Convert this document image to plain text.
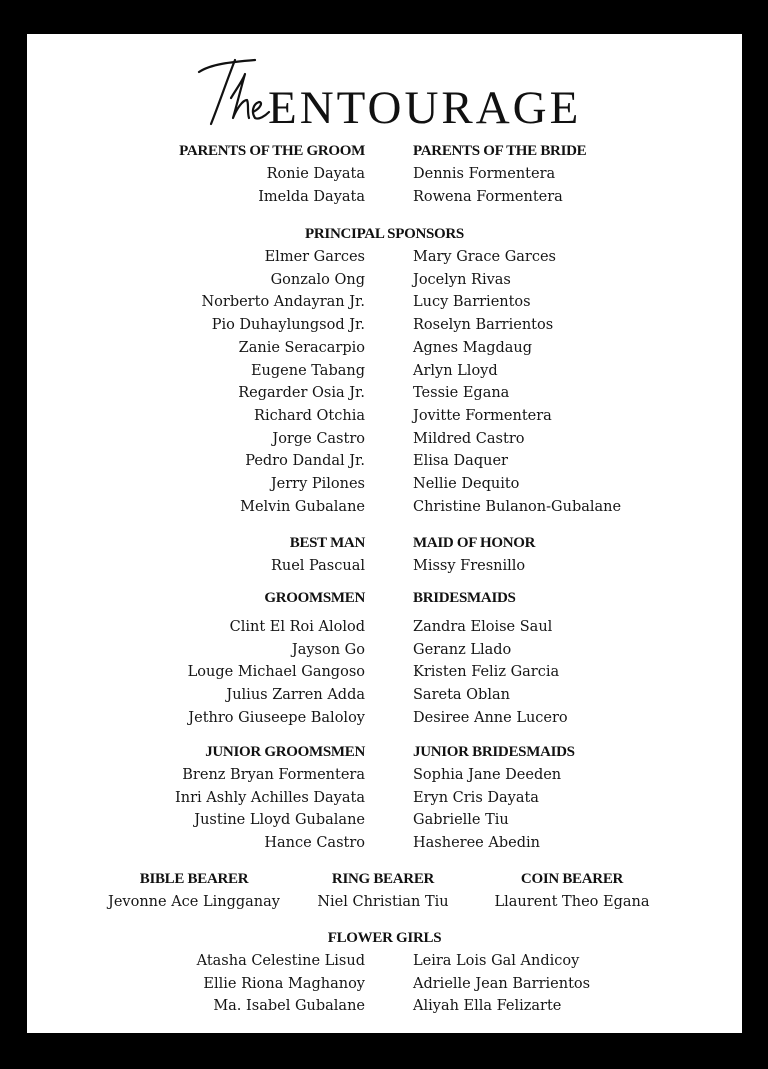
ENTOURAGE
PARENTS OF THE GROOM
Ronie Dayata
Imelda Dayata
PARENTS OF THE BRIDE
Dennis Formentera
Rowena Formentera
PRINCIPAL SPONSORS
Elmer Garces
Gonzalo Ong
Norberto Andayran Jr.
Pio Duhaylungsod Jr.
Zanie Seracarpio
Eugene Tabang
Regarder Osia Jr.
Richard Otchia
Jorge Castro
Pedro Dandal Jr.
Jerry Pilones
Melvin Gubalane
Mary Grace Garces
Jocelyn Rivas
Lucy Barrientos
Roselyn Barrientos
Agnes Magdaug
Arlyn Lloyd
Tessie Egana
Jovitte Formentera
Mildred Castro
Elisa Daquer
Nellie Dequito
Christine Bulanon-Gubalane
BEST MAN
Ruel Pascual
MAID OF HONOR
Missy Fresnillo
GROOMSMEN
Clint El Roi Alolod
Jayson Go
Louge Michael Gangoso
Julius Zarren Adda
Jethro Giuseepe Baloloy
BRIDESMAIDS
Zandra Eloise Saul
Geranz Llado
Kristen Feliz Garcia
Sareta Oblan
Desiree Anne Lucero
JUNIOR GROOMSMEN
Brenz Bryan Formentera
Inri Ashly Achilles Dayata
Justine Lloyd Gubalane
Hance Castro
JUNIOR BRIDESMAIDS
Sophia Jane Deeden
Eryn Cris Dayata
Gabrielle Tiu
Hasheree Abedin
BIBLE BEARER
Jevonne Ace Lingganay
RING BEARER
Niel Christian Tiu
COIN BEARER
Llaurent Theo Egana
FLOWER GIRLS
Atasha Celestine Lisud
Ellie Riona Maghanoy
Ma. Isabel Gubalane
Leira Lois Gal Andicoy
Adrielle Jean Barrientos
Aliyah Ella Felizarte
